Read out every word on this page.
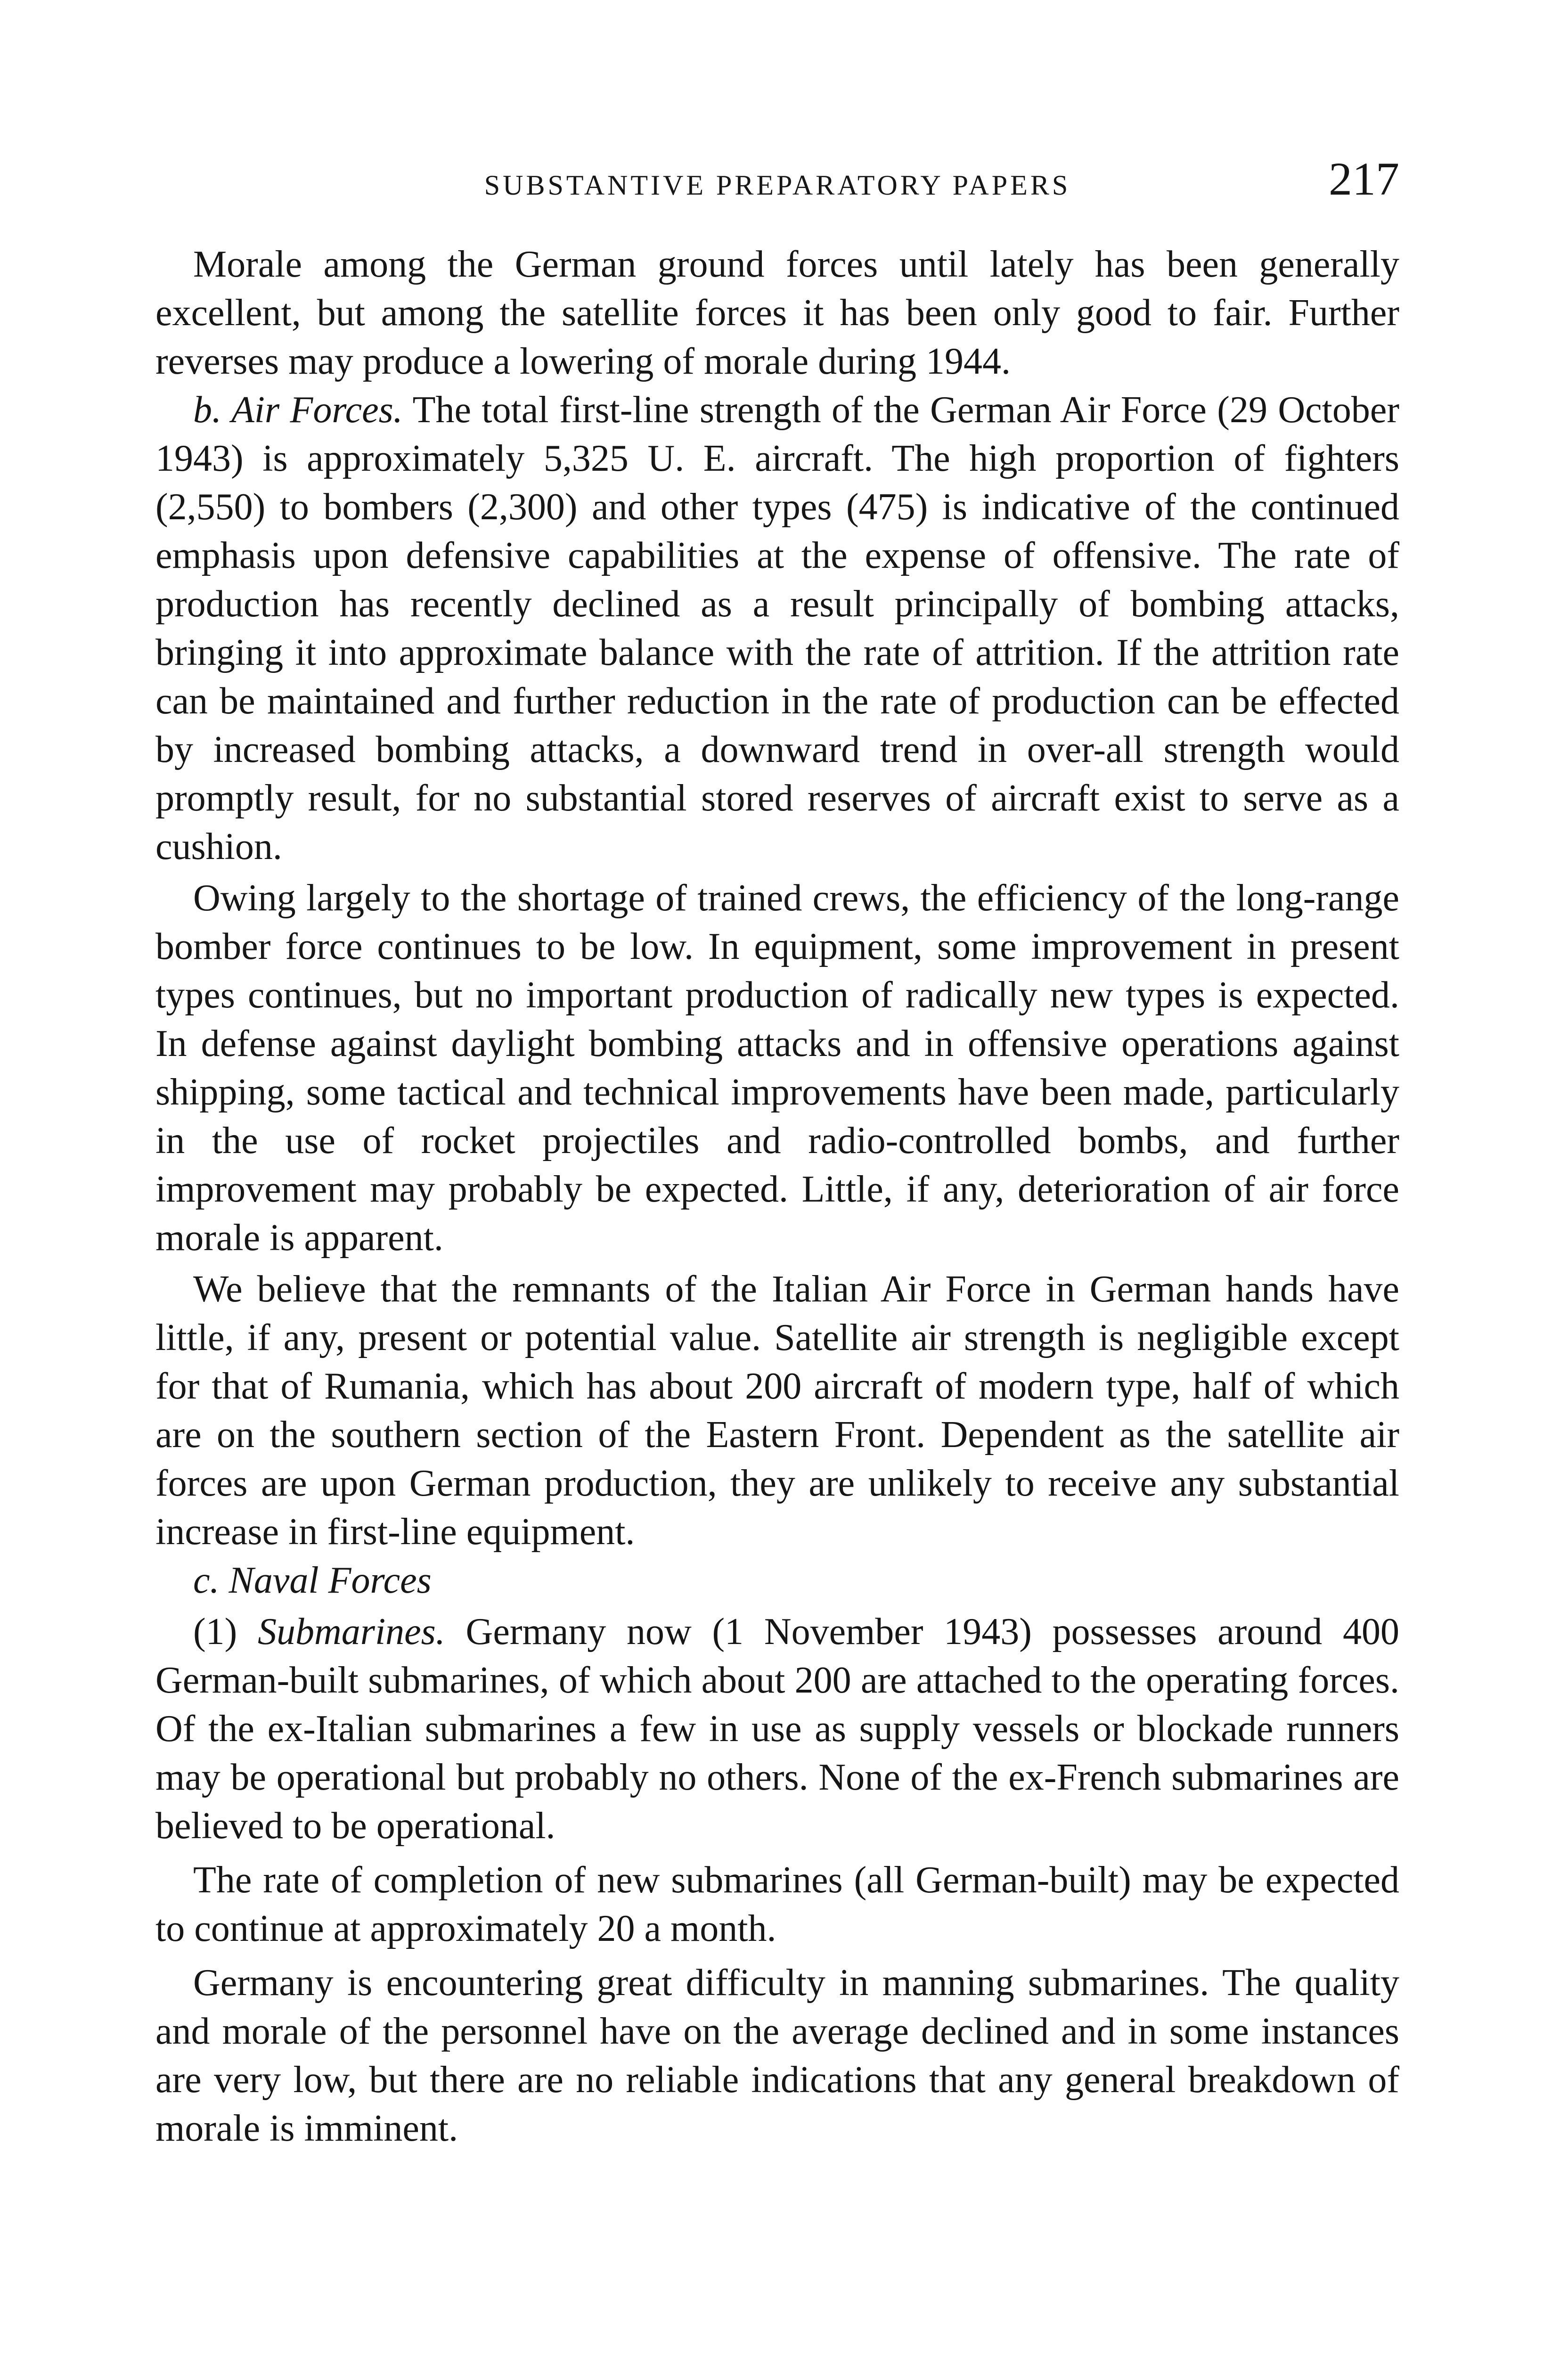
SUBSTANTIVE PREPARATORY PAPERS	217

Morale among the German ground forces until lately has been generally excellent, but among the satellite forces it has been only good to fair. Further reverses may produce a lowering of morale during 1944.

b. Air Forces. The total first-line strength of the German Air Force (29 October 1943) is approximately 5,325 U. E. aircraft. The high proportion of fighters (2,550) to bombers (2,300) and other types (475) is indicative of the continued emphasis upon defensive capabilities at the expense of offensive. The rate of production has recently declined as a result principally of bombing attacks, bringing it into approximate balance with the rate of attrition. If the attrition rate can be maintained and further reduction in the rate of production can be effected by increased bombing attacks, a downward trend in over-all strength would promptly result, for no substantial stored reserves of aircraft exist to serve as a cushion.

Owing largely to the shortage of trained crews, the efficiency of the long-range bomber force continues to be low. In equipment, some improvement in present types continues, but no important production of radically new types is expected. In defense against daylight bombing attacks and in offensive operations against shipping, some tactical and technical improvements have been made, particularly in the use of rocket projectiles and radio-controlled bombs, and further improvement may probably be expected. Little, if any, deterioration of air force morale is apparent.

We believe that the remnants of the Italian Air Force in German hands have little, if any, present or potential value. Satellite air strength is negligible except for that of Rumania, which has about 200 aircraft of modern type, half of which are on the southern section of the Eastern Front. Dependent as the satellite air forces are upon German production, they are unlikely to receive any substantial increase in first-line equipment.

c. Naval Forces

(1) Submarines. Germany now (1 November 1943) possesses around 400 German-built submarines, of which about 200 are attached to the operating forces. Of the ex-Italian submarines a few in use as supply vessels or blockade runners may be operational but probably no others. None of the ex-French submarines are believed to be operational.

The rate of completion of new submarines (all German-built) may be expected to continue at approximately 20 a month.

Germany is encountering great difficulty in manning submarines. The quality and morale of the personnel have on the average declined and in some instances are very low, but there are no reliable indications that any general breakdown of morale is imminent.
